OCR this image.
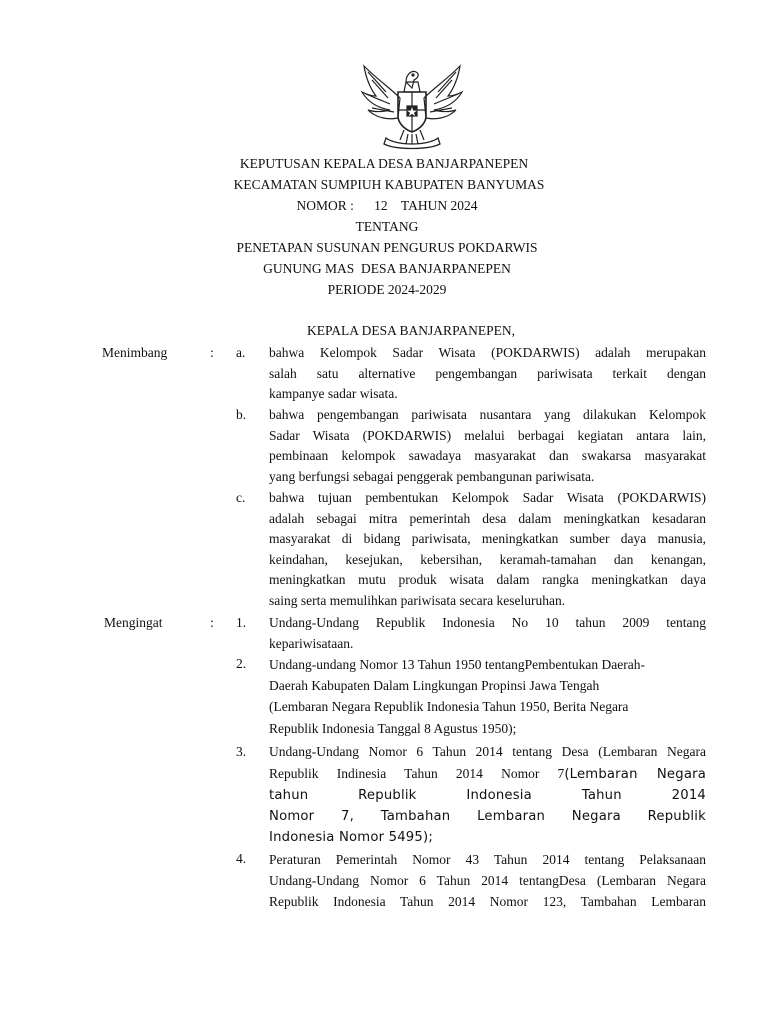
KEPUTUSAN KEPALA DESA BANJARPANEPEN
KECAMATAN SUMPIUH KABUPATEN BANYUMAS
NOMOR :      12    TAHUN 2024
TENTANG
PENETAPAN SUSUNAN PENGURUS POKDARWIS
GUNUNG MAS  DESA BANJARPANEPEN
PERIODE 2024-2029
KEPALA DESA BANJARPANEPEN,
Menimbang	: a. bahwa Kelompok Sadar Wisata (POKDARWIS) adalah merupakan
salah satu alternative pengembangan pariwisata terkait dengan
kampanye sadar wisata.
b. bahwa pengembangan pariwisata nusantara yang dilakukan Kelompok
Sadar Wisata (POKDARWIS) melalui berbagai kegiatan antara lain,
pembinaan kelompok sawadaya masyarakat dan swakarsa masyarakat
yang berfungsi sebagai penggerak pembangunan pariwisata.
c. bahwa tujuan pembentukan Kelompok Sadar Wisata (POKDARWIS)
adalah sebagai mitra pemerintah desa dalam meningkatkan kesadaran
masyarakat di bidang pariwisata, meningkatkan sumber daya manusia,
keindahan, kesejukan, kebersihan, keramah-tamahan dan kenangan,
meningkatkan mutu produk wisata dalam rangka meningkatkan daya
saing serta memulihkan pariwisata secara keseluruhan.
Mengingat	: 1. Undang-Undang Republik Indonesia No 10 tahun 2009 tentang
kepariwisataan.
2. Undang-undang Nomor 13 Tahun 1950 tentangPembentukan Daerah-
Daerah Kabupaten Dalam Lingkungan Propinsi Jawa Tengah
(Lembaran Negara Republik Indonesia Tahun 1950, Berita Negara
Republik Indonesia Tanggal 8 Agustus 1950);
3. Undang-Undang Nomor 6 Tahun 2014 tentang Desa (Lembaran Negara
Republik Indinesia Tahun 2014 Nomor 7(Lembaran Negara
tahun Republik Indonesia Tahun 2014
Nomor 7, Tambahan Lembaran Negara Republik
Indonesia Nomor 5495);
4. Peraturan Pemerintah Nomor 43 Tahun 2014 tentang Pelaksanaan
Undang-Undang Nomor 6 Tahun 2014 tentangDesa (Lembaran Negara
Republik Indonesia Tahun 2014 Nomor 123, Tambahan Lembaran
